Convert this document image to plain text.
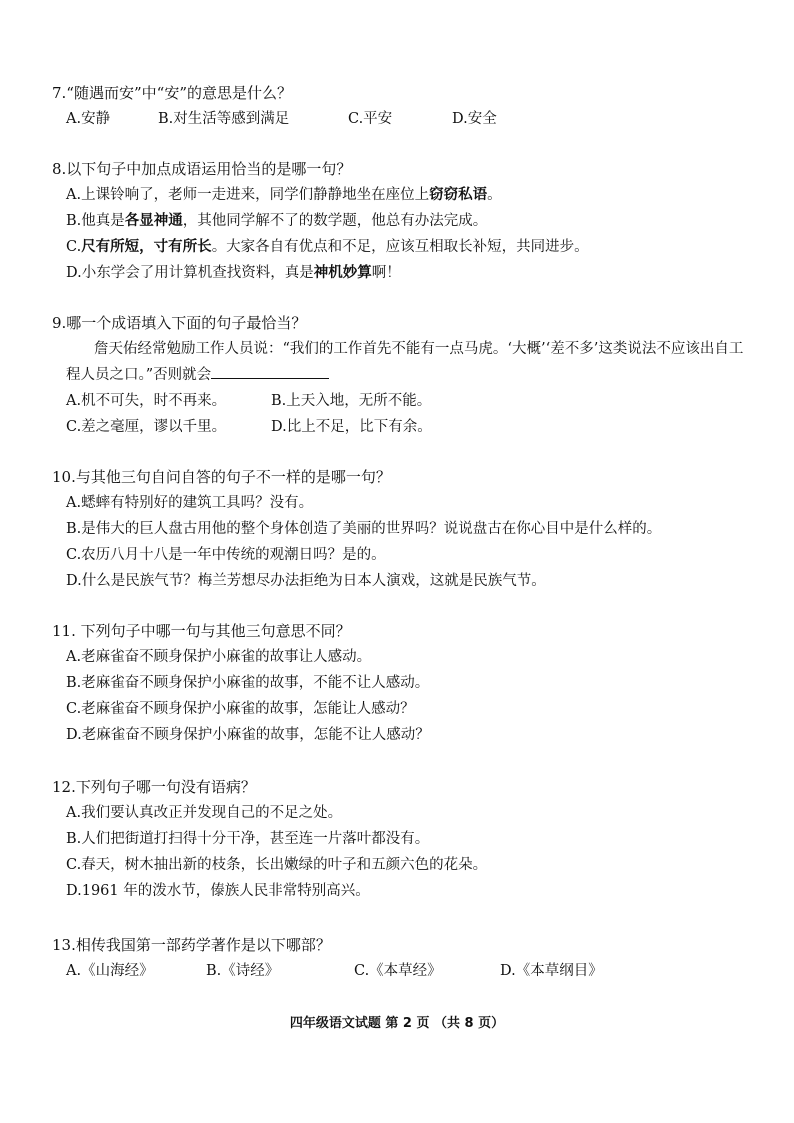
7.“随遇而安”中“安”的意思是什么？
A.安静	B.对生活等感到满足	C.平安	D.安全
8.以下句子中加点成语运用恰当的是哪一句？
A.上课铃响了，老师一走进来，同学们静静地坐在座位上窃窃私语。
B.他真是各显神通，其他同学解不了的数学题，他总有办法完成。
C.尺有所短，寸有所长。大家各自有优点和不足，应该互相取长补短，共同进步。
D.小东学会了用计算机查找资料，真是神机妙算啊！
9.哪一个成语填入下面的句子最恰当？
詹天佑经常勉励工作人员说：“我们的工作首先不能有一点马虎。‘大概’‘差不多’这类说法不应该出自工程人员之口。”否则就会
A.机不可失，时不再来。	B.上天入地，无所不能。
C.差之毫厘，谬以千里。	D.比上不足，比下有余。
10.与其他三句自问自答的句子不一样的是哪一句？
A.蟋蟀有特别好的建筑工具吗？没有。
B.是伟大的巨人盘古用他的整个身体创造了美丽的世界吗？说说盘古在你心目中是什么样的。
C.农历八月十八是一年中传统的观潮日吗？是的。
D.什么是民族气节？梅兰芳想尽办法拒绝为日本人演戏，这就是民族气节。
11. 下列句子中哪一句与其他三句意思不同？
A.老麻雀奋不顾身保护小麻雀的故事让人感动。
B.老麻雀奋不顾身保护小麻雀的故事，不能不让人感动。
C.老麻雀奋不顾身保护小麻雀的故事，怎能让人感动？
D.老麻雀奋不顾身保护小麻雀的故事，怎能不让人感动？
12.下列句子哪一句没有语病？
A.我们要认真改正并发现自己的不足之处。
B.人们把街道打扫得十分干净，甚至连一片落叶都没有。
C.春天，树木抽出新的枝条，长出嫩绿的叶子和五颜六色的花朵。
D.1961 年的泼水节，傣族人民非常特别高兴。
13.相传我国第一部药学著作是以下哪部？
A.《山海经》	B.《诗经》	C.《本草经》	D.《本草纲目》
四年级语文试题 第 2 页 （共 8 页）
